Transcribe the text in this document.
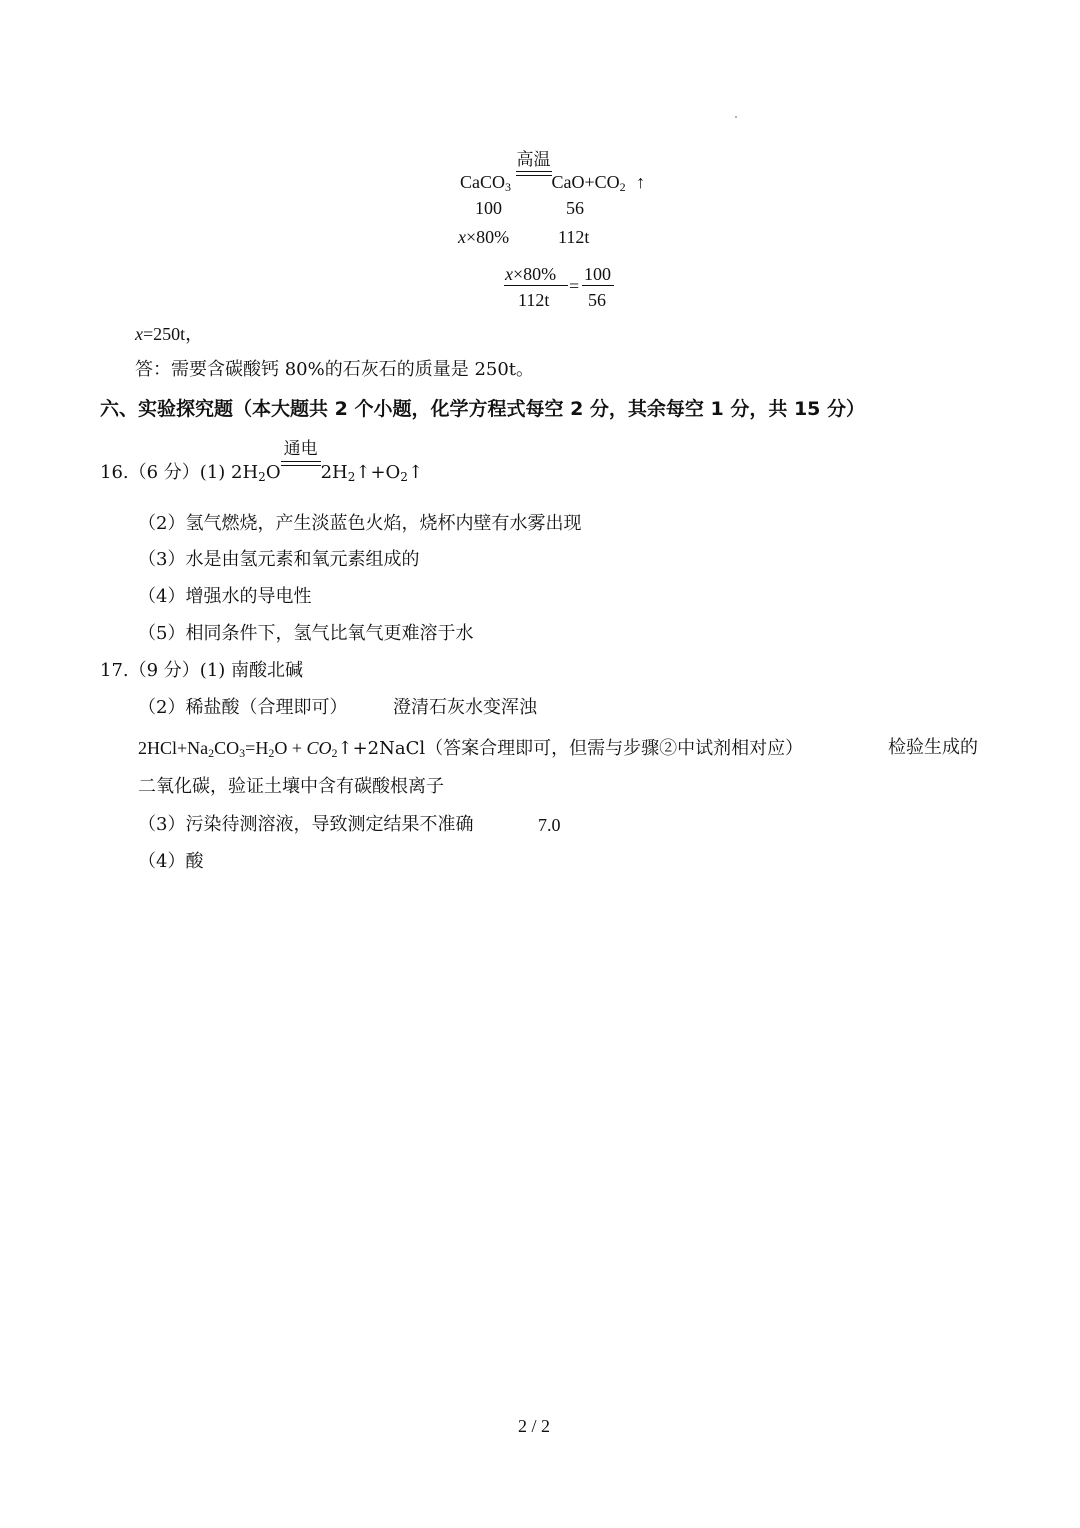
CaCO$_3$
高温
$CaO+CO_2$ ↑
100	56
x×80%	112t
x×80%
112t
=
100
56
x=250t，
答：需要含碳酸钙 80%的石灰石的质量是 250t。
六、实验探究题（本大题共 2 个小题，化学方程式每空 2 分，其余每空 1 分，共 15 分）
16.（6 分）(1) $2H_2O$
通电
$2H_2↑+O_2↑$
（2）氢气燃烧，产生淡蓝色火焰，烧杯内壁有水雾出现
（3）水是由氢元素和氧元素组成的
（4）增强水的导电性
（5）相同条件下，氢气比氧气更难溶于水
17.（9 分）(1) 南酸北碱
（2）稀盐酸（合理即可）	澄清石灰水变浑浊
$2HCl+Na_2CO_3=H_2O$ + $CO_2↑+2NaCl$（答案合理即可，但需与步骤②中试剂相对应）	检验生成的
二氧化碳，验证土壤中含有碳酸根离子
（3）污染待测溶液，导致测定结果不准确	7.0
（4）酸
2 / 2
